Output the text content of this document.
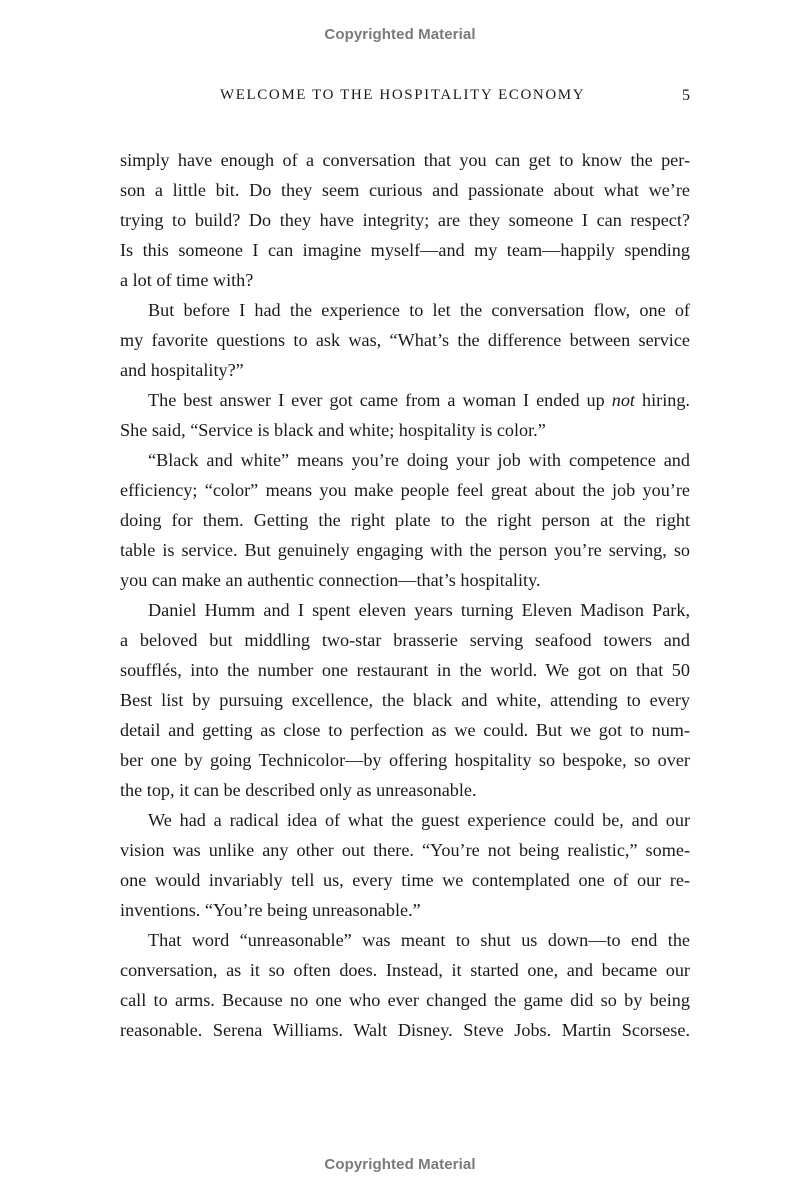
Copyrighted Material
WELCOME TO THE HOSPITALITY ECONOMY	5
simply have enough of a conversation that you can get to know the per-
son a little bit. Do they seem curious and passionate about what we’re
trying to build? Do they have integrity; are they someone I can respect?
Is this someone I can imagine myself—and my team—happily spending
a lot of time with?
But before I had the experience to let the conversation flow, one of
my favorite questions to ask was, “What’s the difference between service
and hospitality?”
The best answer I ever got came from a woman I ended up not hiring.
She said, “Service is black and white; hospitality is color.”
“Black and white” means you’re doing your job with competence and
efficiency; “color” means you make people feel great about the job you’re
doing for them. Getting the right plate to the right person at the right
table is service. But genuinely engaging with the person you’re serving, so
you can make an authentic connection—that’s hospitality.
Daniel Humm and I spent eleven years turning Eleven Madison Park,
a beloved but middling two-star brasserie serving seafood towers and
soufflés, into the number one restaurant in the world. We got on that 50
Best list by pursuing excellence, the black and white, attending to every
detail and getting as close to perfection as we could. But we got to num-
ber one by going Technicolor—by offering hospitality so bespoke, so over
the top, it can be described only as unreasonable.
We had a radical idea of what the guest experience could be, and our
vision was unlike any other out there. “You’re not being realistic,” some-
one would invariably tell us, every time we contemplated one of our re-
inventions. “You’re being unreasonable.”
That word “unreasonable” was meant to shut us down—to end the
conversation, as it so often does. Instead, it started one, and became our
call to arms. Because no one who ever changed the game did so by being
reasonable. Serena Williams. Walt Disney. Steve Jobs. Martin Scorsese.
Copyrighted Material
